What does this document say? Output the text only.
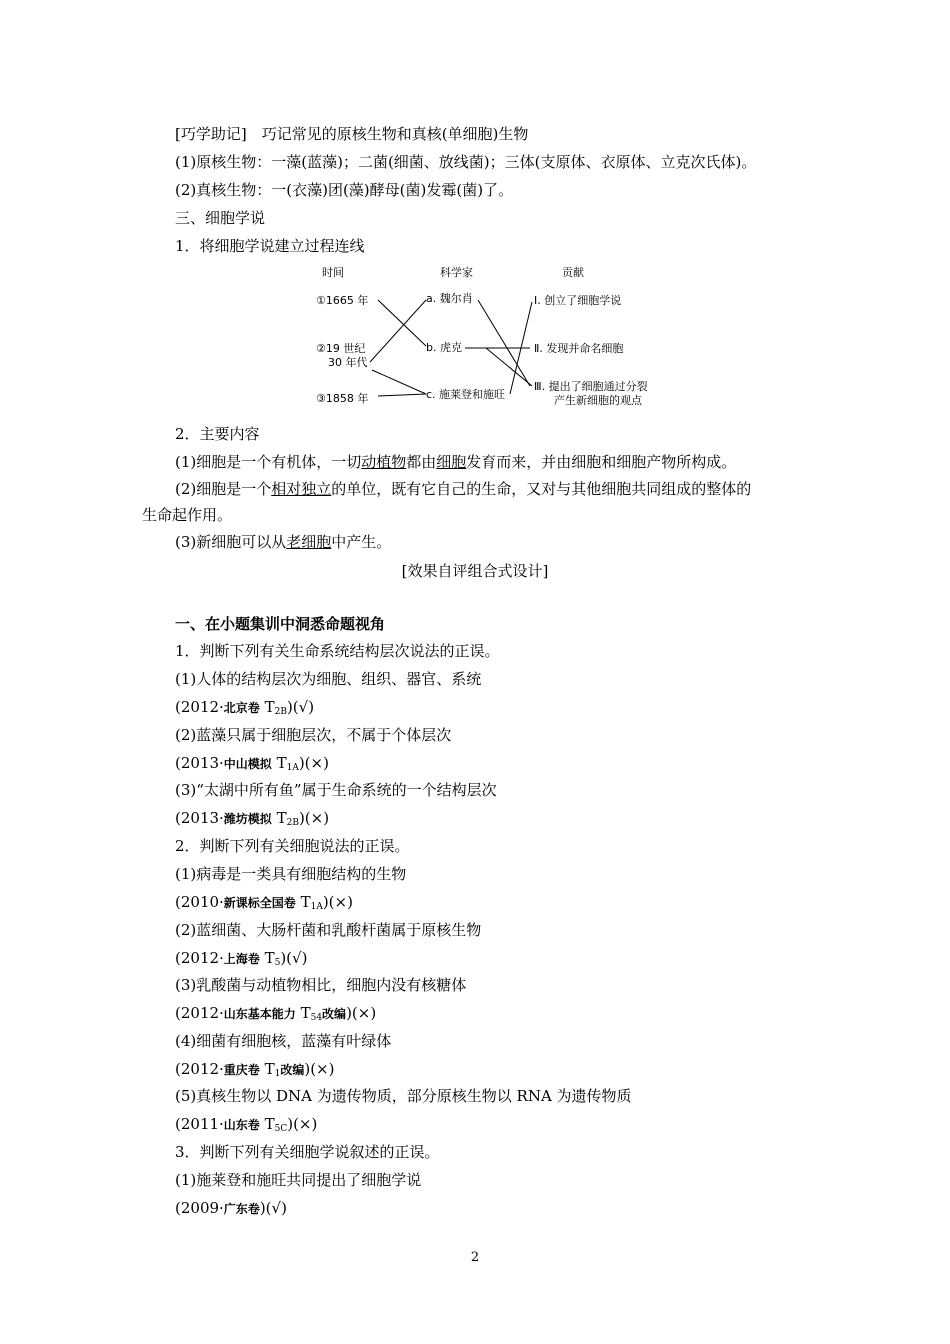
[巧学助记]　巧记常见的原核生物和真核(单细胞)生物
(1)原核生物：一藻(蓝藻)；二菌(细菌、放线菌)；三体(支原体、衣原体、立克次氏体)。
(2)真核生物：一(衣藻)团(藻)酵母(菌)发霉(菌)了。
三、细胞学说
1．将细胞学说建立过程连线
时间	科学家	贡献
①1665 年
②19 世纪
30 年代
③1858 年
a. 魏尔肖
b. 虎克
c. 施莱登和施旺
Ⅰ. 创立了细胞学说
Ⅱ. 发现并命名细胞
Ⅲ. 提出了细胞通过分裂
产生新细胞的观点
2．主要内容
(1)细胞是一个有机体，一切动植物都由细胞发育而来，并由细胞和细胞产物所构成。
(2)细胞是一个相对独立的单位，既有它自己的生命，又对与其他细胞共同组成的整体的
生命起作用。
(3)新细胞可以从老细胞中产生。
[效果自评组合式设计]
一、在小题集训中洞悉命题视角
1．判断下列有关生命系统结构层次说法的正误。
(1)人体的结构层次为细胞、组织、器官、系统
(2012·北京卷 $T_{2B})(√)$
(2)蓝藻只属于细胞层次，不属于个体层次
(2013·中山模拟 $T_{1A})(\times)$
(3)“太湖中所有鱼”属于生命系统的一个结构层次
(2013·潍坊模拟 $T_{2B})(\times)$
2．判断下列有关细胞说法的正误。
(1)病毒是一类具有细胞结构的生物
(2010·新课标全国卷 $T_{1A})(\times)$
(2)蓝细菌、大肠杆菌和乳酸杆菌属于原核生物
(2012·上海卷 $T_5)(√)$
(3)乳酸菌与动植物相比，细胞内没有核糖体
(2012·山东基本能力 $T_{54}$改编)(×)
(4)细菌有细胞核，蓝藻有叶绿体
(2012·重庆卷 $T_1$改编)(×)
(5)真核生物以 DNA 为遗传物质，部分原核生物以 RNA 为遗传物质
(2011·山东卷 $T_{5C})(\times)$
3．判断下列有关细胞学说叙述的正误。
(1)施莱登和施旺共同提出了细胞学说
(2009·广东卷)(√)
2
